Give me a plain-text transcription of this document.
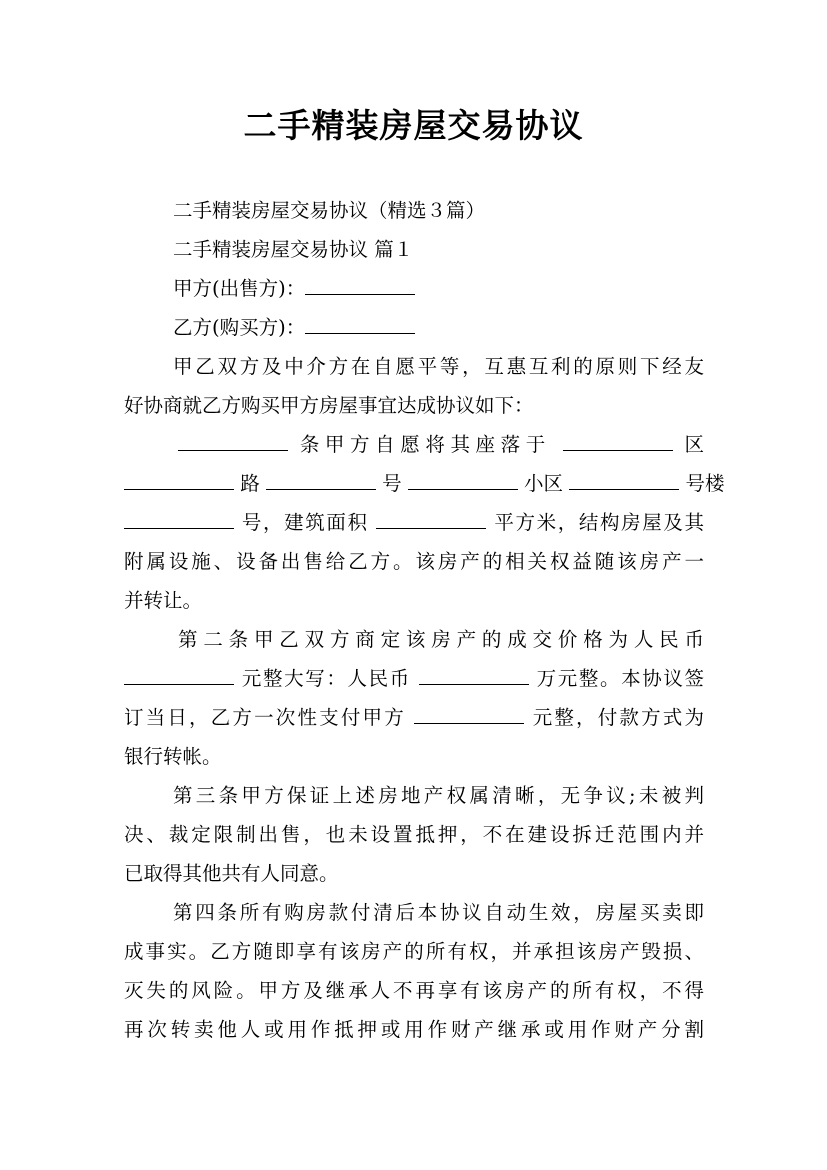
二手精装房屋交易协议
二手精装房屋交易协议（精选３篇）
二手精装房屋交易协议 篇１
甲方(出售方)：
乙方(购买方)：
甲乙双方及中介方在自愿平等，互惠互利的原则下经友
好协商就乙方购买甲方房屋事宜达成协议如下：
条甲方自愿将其座落于	区
路	号	小区	号楼
号，建筑面积	平方米，结构房屋及其
附属设施、设备出售给乙方。该房产的相关权益随该房产一
并转让。
第二条甲乙双方商定该房产的成交价格为人民币
元整大写：人民币	万元整。本协议签
订当日，乙方一次性支付甲方	元整，付款方式为
银行转帐。
第三条甲方保证上述房地产权属清晰，无争议;未被判
决、裁定限制出售，也未设置抵押，不在建设拆迁范围内并
已取得其他共有人同意。
第四条所有购房款付清后本协议自动生效，房屋买卖即
成事实。乙方随即享有该房产的所有权，并承担该房产毁损、
灭失的风险。甲方及继承人不再享有该房产的所有权，不得
再次转卖他人或用作抵押或用作财产继承或用作财产分割
